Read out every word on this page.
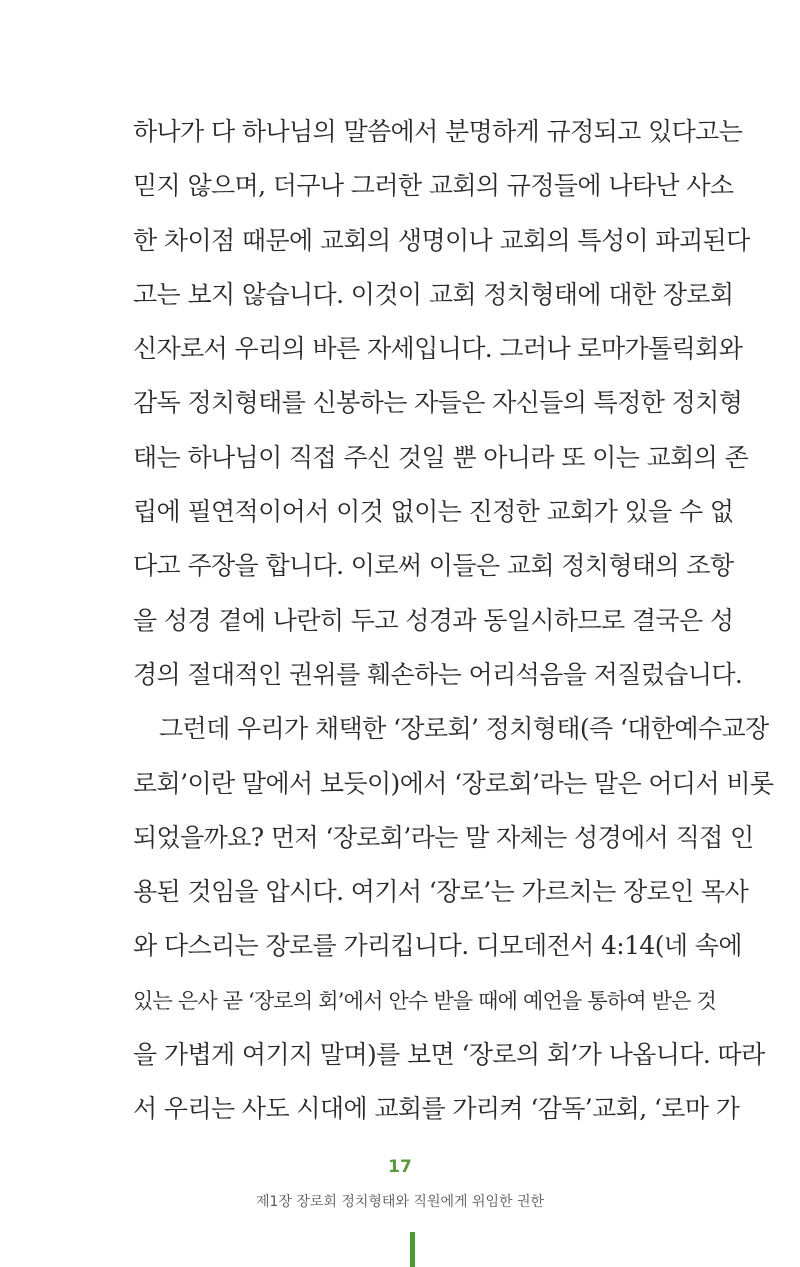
하나가 다 하나님의 말씀에서 분명하게 규정되고 있다고는
믿지 않으며, 더구나 그러한 교회의 규정들에 나타난 사소
한 차이점 때문에 교회의 생명이나 교회의 특성이 파괴된다
고는 보지 않습니다. 이것이 교회 정치형태에 대한 장로회
신자로서 우리의 바른 자세입니다. 그러나 로마가톨릭회와
감독 정치형태를 신봉하는 자들은 자신들의 특정한 정치형
태는 하나님이 직접 주신 것일 뿐 아니라 또 이는 교회의 존
립에 필연적이어서 이것 없이는 진정한 교회가 있을 수 없
다고 주장을 합니다. 이로써 이들은 교회 정치형태의 조항
을 성경 곁에 나란히 두고 성경과 동일시하므로 결국은 성
경의 절대적인 권위를 훼손하는 어리석음을 저질렀습니다.
그런데 우리가 채택한 ‘장로회’ 정치형태(즉 ‘대한예수교장
로회’이란 말에서 보듯이)에서 ‘장로회’라는 말은 어디서 비롯
되었을까요? 먼저 ‘장로회’라는 말 자체는 성경에서 직접 인
용된 것임을 압시다. 여기서 ‘장로’는 가르치는 장로인 목사
와 다스리는 장로를 가리킵니다. 디모데전서 4:14(네 속에
있는 은사 곧 ‘장로의 회’에서 안수 받을 때에 예언을 통하여 받은 것
을 가볍게 여기지 말며)를 보면 ‘장로의 회’가 나옵니다. 따라
서 우리는 사도 시대에 교회를 가리켜 ‘감독’교회, ‘로마 가
17
제1장 장로회 정치형태와 직원에게 위임한 권한
